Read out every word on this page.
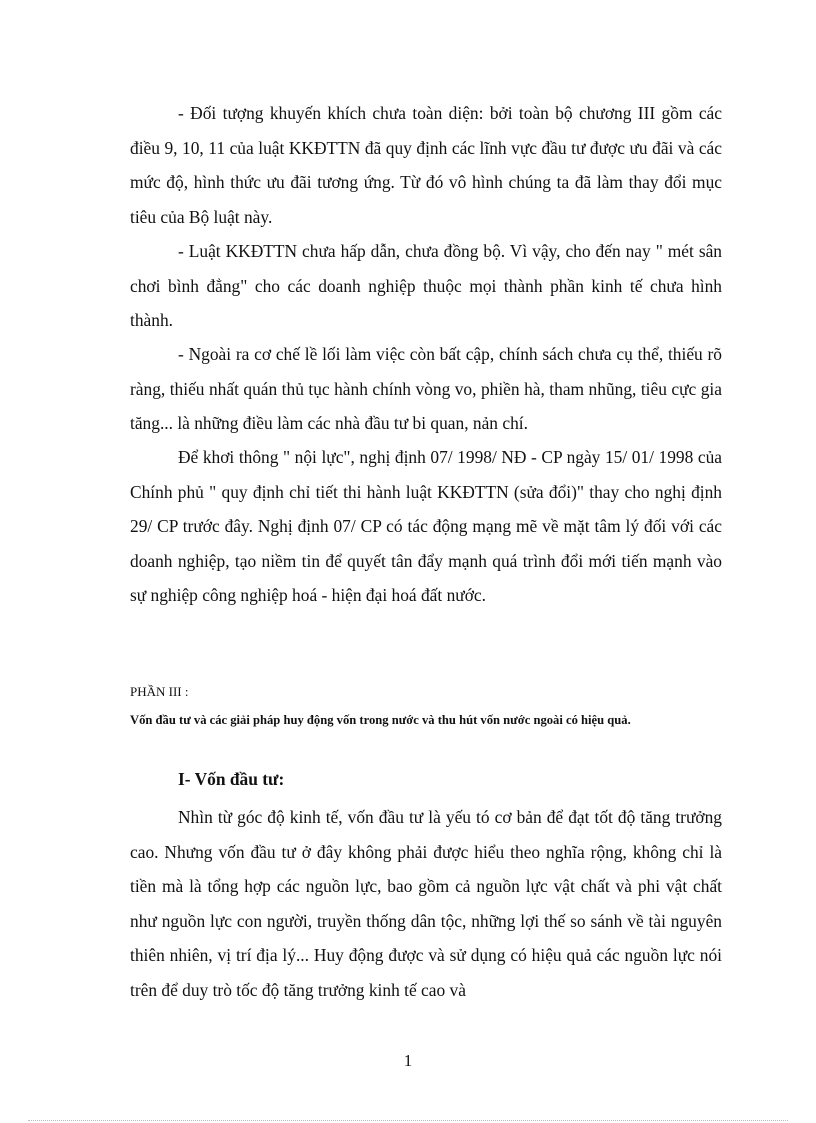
- Đối tượng khuyến khích chưa toàn diện: bởi toàn bộ chương III gồm các điều 9, 10, 11 của luật KKĐTTN đã quy định các lĩnh vực đầu tư được ưu đãi và các mức độ, hình thức ưu đãi tương ứng. Từ đó vô hình chúng ta đã làm thay đổi mục tiêu của Bộ luật này.

- Luật KKĐTTN chưa hấp dẫn, chưa đồng bộ. Vì vậy, cho đến nay " mét sân chơi bình đẳng" cho các doanh nghiệp thuộc mọi thành phần kinh tế chưa hình thành.

- Ngoài ra cơ chế lề lối làm việc còn bất cập, chính sách chưa cụ thể, thiếu rõ ràng, thiếu nhất quán thủ tục hành chính vòng vo, phiền hà, tham nhũng, tiêu cực gia tăng... là những điều làm các nhà đầu tư bi quan, nản chí.

Để khơi thông " nội lực", nghị định 07/ 1998/ NĐ - CP ngày 15/ 01/ 1998 của Chính phủ " quy định chỉ tiết thi hành luật KKĐTTN (sửa đổi)" thay cho nghị định 29/ CP trước đây. Nghị định 07/ CP có tác động mạng mẽ về mặt tâm lý đối với các doanh nghiệp, tạo niềm tin để quyết tân đẩy mạnh quá trình đổi mới tiến mạnh vào sự nghiệp công nghiệp hoá - hiện đại hoá đất nước.

PHẦN III :

Vốn đầu tư và các giải pháp huy động vốn trong nước và thu hút vốn nước ngoài có hiệu quả.

I- Vốn đầu tư:

Nhìn từ góc độ kinh tế, vốn đầu tư là yếu tó cơ bản để đạt tốt độ tăng trưởng cao. Nhưng vốn đầu tư ở đây không phải được hiểu theo nghĩa rộng, không chỉ là tiền mà là tổng hợp các nguồn lực, bao gồm cả nguồn lực vật chất và phi vật chất như nguồn lực con người, truyền thống dân tộc, những lợi thế so sánh về tài nguyên thiên nhiên, vị trí địa lý... Huy động được và sử dụng có hiệu quả các nguồn lực nói trên để duy trò tốc độ tăng trưởng kinh tế cao và

1
